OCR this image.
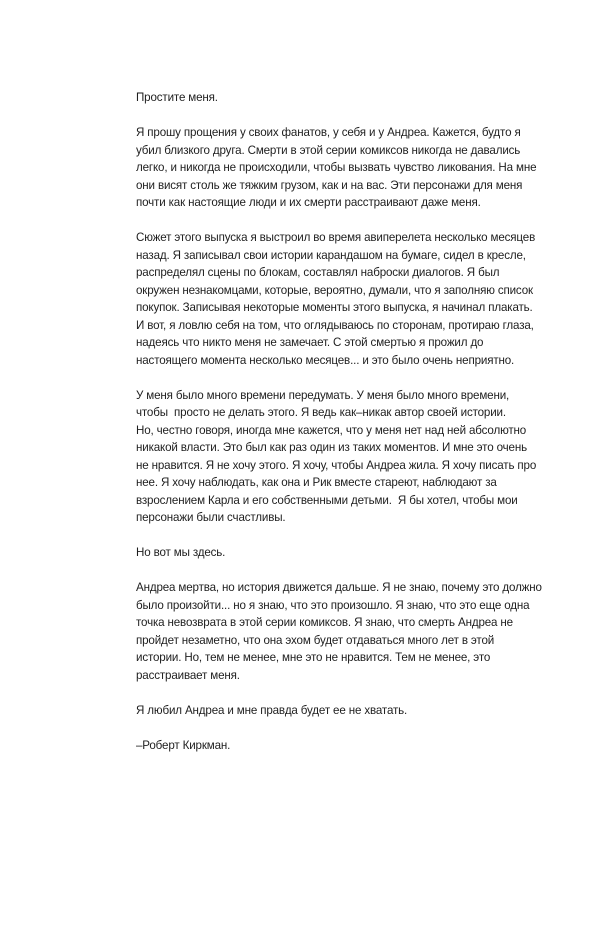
Простите меня.
Я прошу прощения у своих фанатов, у себя и у Андреа. Кажется, будто я
убил близкого друга. Смерти в этой серии комиксов никогда не давались
легко, и никогда не происходили, чтобы вызвать чувство ликования. На мне
они висят столь же тяжким грузом, как и на вас. Эти персонажи для меня
почти как настоящие люди и их смерти расстраивают даже меня.
Сюжет этого выпуска я выстроил во время авиперелета несколько месяцев
назад. Я записывал свои истории карандашом на бумаге, сидел в кресле,
распределял сцены по блокам, составлял наброски диалогов. Я был
окружен незнакомцами, которые, вероятно, думали, что я заполняю список
покупок. Записывая некоторые моменты этого выпуска, я начинал плакать.
И вот, я ловлю себя на том, что оглядываюсь по сторонам, протираю глаза,
надеясь что никто меня не замечает. С этой смертью я прожил до
настоящего момента несколько месяцев... и это было очень неприятно.
У меня было много времени передумать. У меня было много времени,
чтобы  просто не делать этого. Я ведь как–никак автор своей истории.
Но, честно говоря, иногда мне кажется, что у меня нет над ней абсолютно
никакой власти. Это был как раз один из таких моментов. И мне это очень
не нравится. Я не хочу этого. Я хочу, чтобы Андреа жила. Я хочу писать про
нее. Я хочу наблюдать, как она и Рик вместе стареют, наблюдают за
взрослением Карла и его собственными детьми.  Я бы хотел, чтобы мои
персонажи были счастливы.
Но вот мы здесь.
Андреа мертва, но история движется дальше. Я не знаю, почему это должно
было произойти... но я знаю, что это произошло. Я знаю, что это еще одна
точка невозврата в этой серии комиксов. Я знаю, что смерть Андреа не
пройдет незаметно, что она эхом будет отдаваться много лет в этой
истории. Но, тем не менее, мне это не нравится. Тем не менее, это
расстраивает меня.
Я любил Андреа и мне правда будет ее не хватать.
–Роберт Киркман.
